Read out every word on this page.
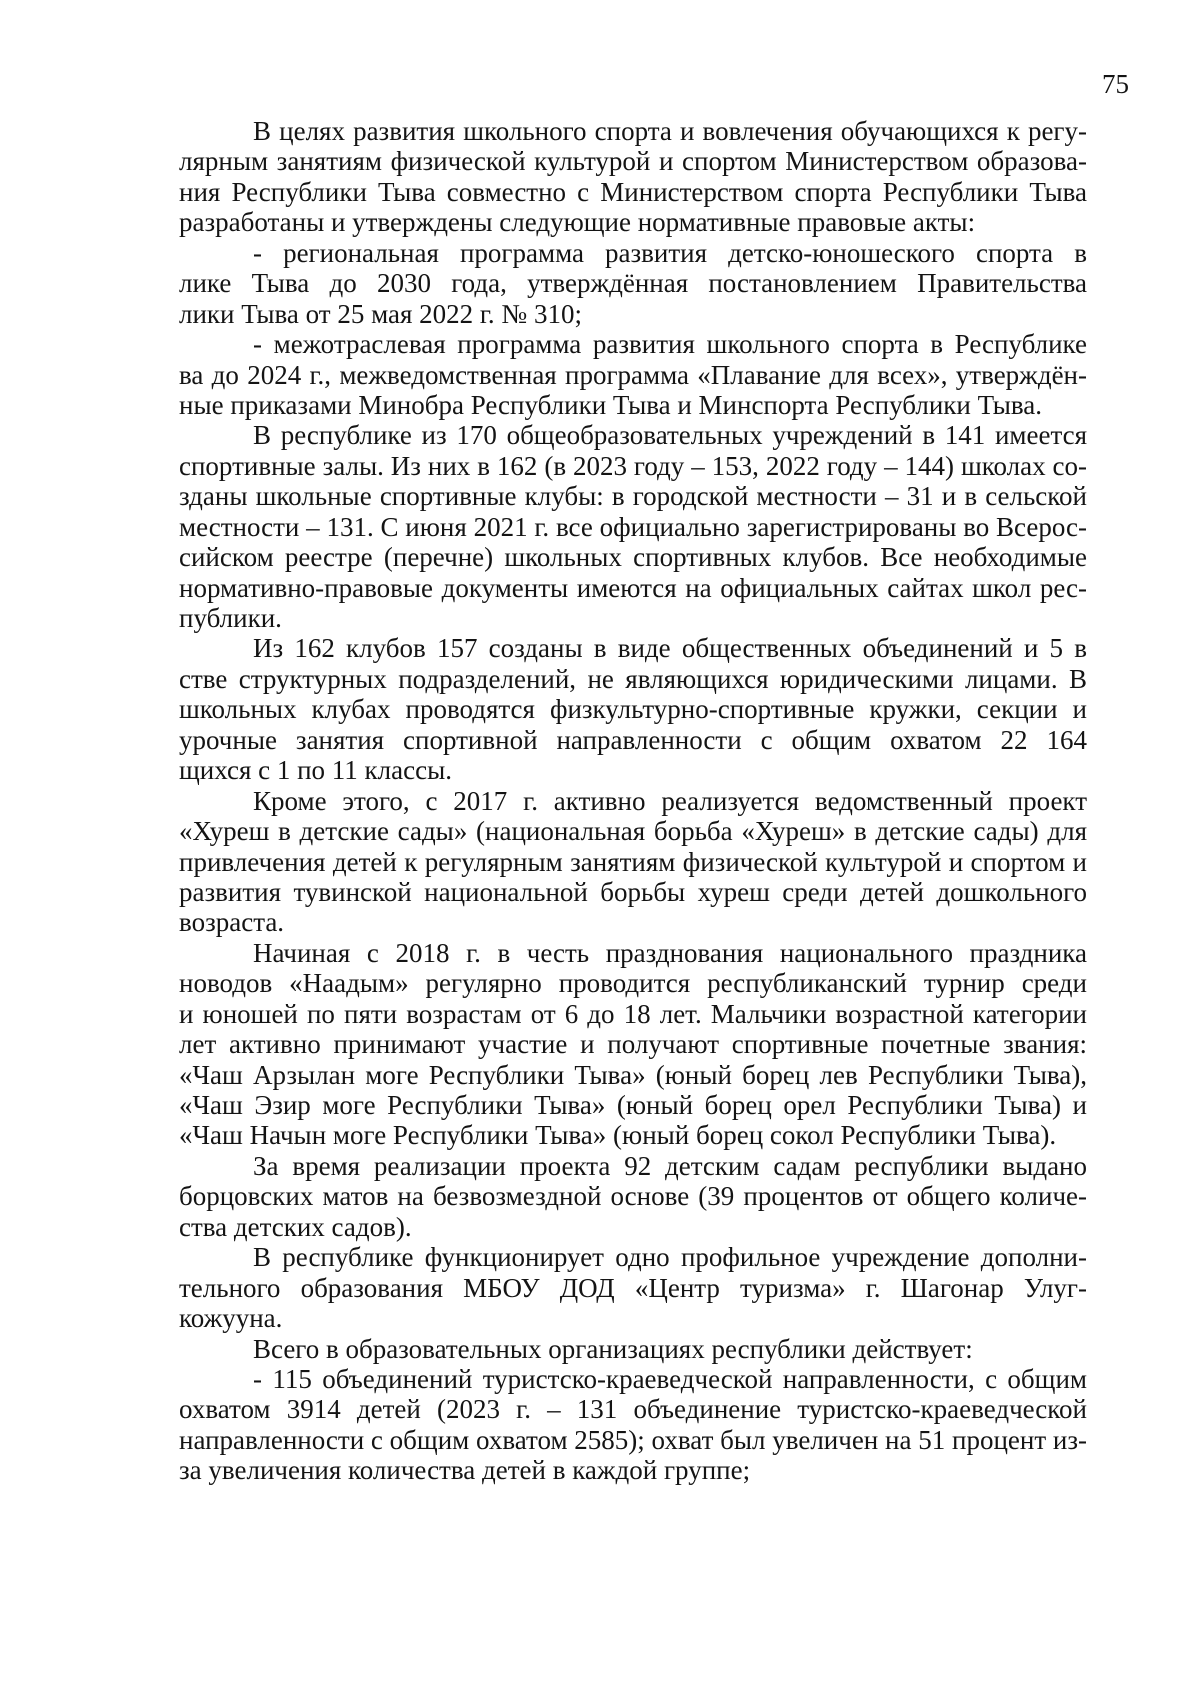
75
В целях развития школьного спорта и вовлечения обучающихся к регу-
лярным занятиям физической культурой и спортом Министерством образова-
ния Республики Тыва совместно с Министерством спорта Республики Тыва
разработаны и утверждены следующие нормативные правовые акты:
- региональная программа развития детско-юношеского спорта в
лике Тыва до 2030 года, утверждённая постановлением Правительства
лики Тыва от 25 мая 2022 г. № 310;
- межотраслевая программа развития школьного спорта в Республике
ва до 2024 г., межведомственная программа «Плавание для всех», утверждён-
ные приказами Минобра Республики Тыва и Минспорта Республики Тыва.
В республике из 170 общеобразовательных учреждений в 141 имеется
спортивные залы. Из них в 162 (в 2023 году – 153, 2022 году – 144) школах со-
зданы школьные спортивные клубы: в городской местности – 31 и в сельской
местности – 131. С июня 2021 г. все официально зарегистрированы во Всерос-
сийском реестре (перечне) школьных спортивных клубов. Все необходимые
нормативно-правовые документы имеются на официальных сайтах школ рес-
публики.
Из 162 клубов 157 созданы в виде общественных объединений и 5 в
стве структурных подразделений, не являющихся юридическими лицами. В
школьных клубах проводятся физкультурно-спортивные кружки, секции и
урочные занятия спортивной направленности с общим охватом 22 164
щихся с 1 по 11 классы.
Кроме этого, с 2017 г. активно реализуется ведомственный проект
«Хуреш в детские сады» (национальная борьба «Хуреш» в детские сады) для
привлечения детей к регулярным занятиям физической культурой и спортом и
развития тувинской национальной борьбы хуреш среди детей дошкольного
возраста.
Начиная с 2018 г. в честь празднования национального праздника
новодов «Наадым» регулярно проводится республиканский турнир среди
и юношей по пяти возрастам от 6 до 18 лет. Мальчики возрастной категории
лет активно принимают участие и получают спортивные почетные звания:
«Чаш Арзылан моге Республики Тыва» (юный борец лев Республики Тыва),
«Чаш Эзир моге Республики Тыва» (юный борец орел Республики Тыва) и
«Чаш Начын моге Республики Тыва» (юный борец сокол Республики Тыва).
За время реализации проекта 92 детским садам республики выдано
борцовских матов на безвозмездной основе (39 процентов от общего количе-
ства детских садов).
В республике функционирует одно профильное учреждение дополни-
тельного образования МБОУ ДОД «Центр туризма» г. Шагонар Улуг-
кожууна.
Всего в образовательных организациях республики действует:
- 115 объединений туристско-краеведческой направленности, с общим
охватом 3914 детей (2023 г. – 131 объединение туристско-краеведческой
направленности с общим охватом 2585); охват был увеличен на 51 процент из-
за увеличения количества детей в каждой группе;
